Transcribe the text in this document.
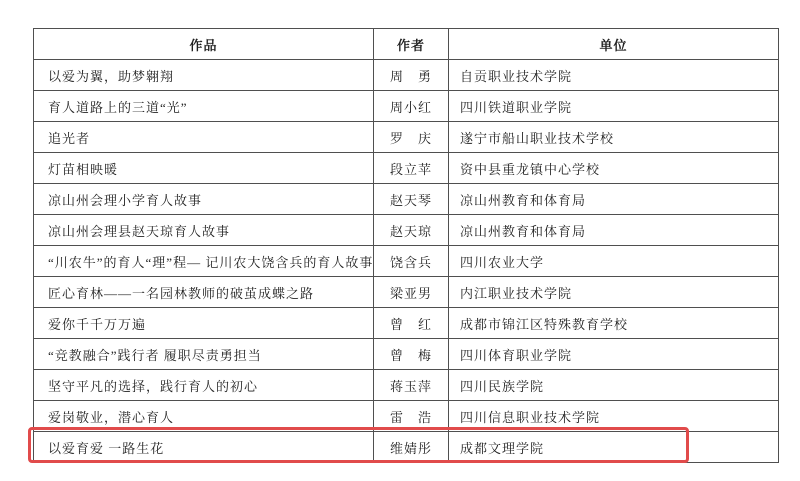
作品	作者	单位
以爱为翼，助梦翱翔	周　勇	自贡职业技术学院
育人道路上的三道“光”	周小红	四川铁道职业学院
追光者	罗　庆	遂宁市船山职业技术学校
灯苗相映暖	段立苹	资中县重龙镇中心学校
凉山州会理小学育人故事	赵天琴	凉山州教育和体育局
凉山州会理县赵天琼育人故事	赵天琼	凉山州教育和体育局
“川农牛”的育人“理”程— 记川农大饶含兵的育人故事	饶含兵	四川农业大学
匠心育林——一名园林教师的破茧成蝶之路	梁亚男	内江职业技术学院
爱你千千万万遍	曾　红	成都市锦江区特殊教育学校
“竞教融合”践行者 履职尽责勇担当	曾　梅	四川体育职业学院
坚守平凡的选择，践行育人的初心	蒋玉萍	四川民族学院
爱岗敬业，潜心育人	雷　浩	四川信息职业技术学院
以爱育爱 一路生花	维婧彤	成都文理学院
